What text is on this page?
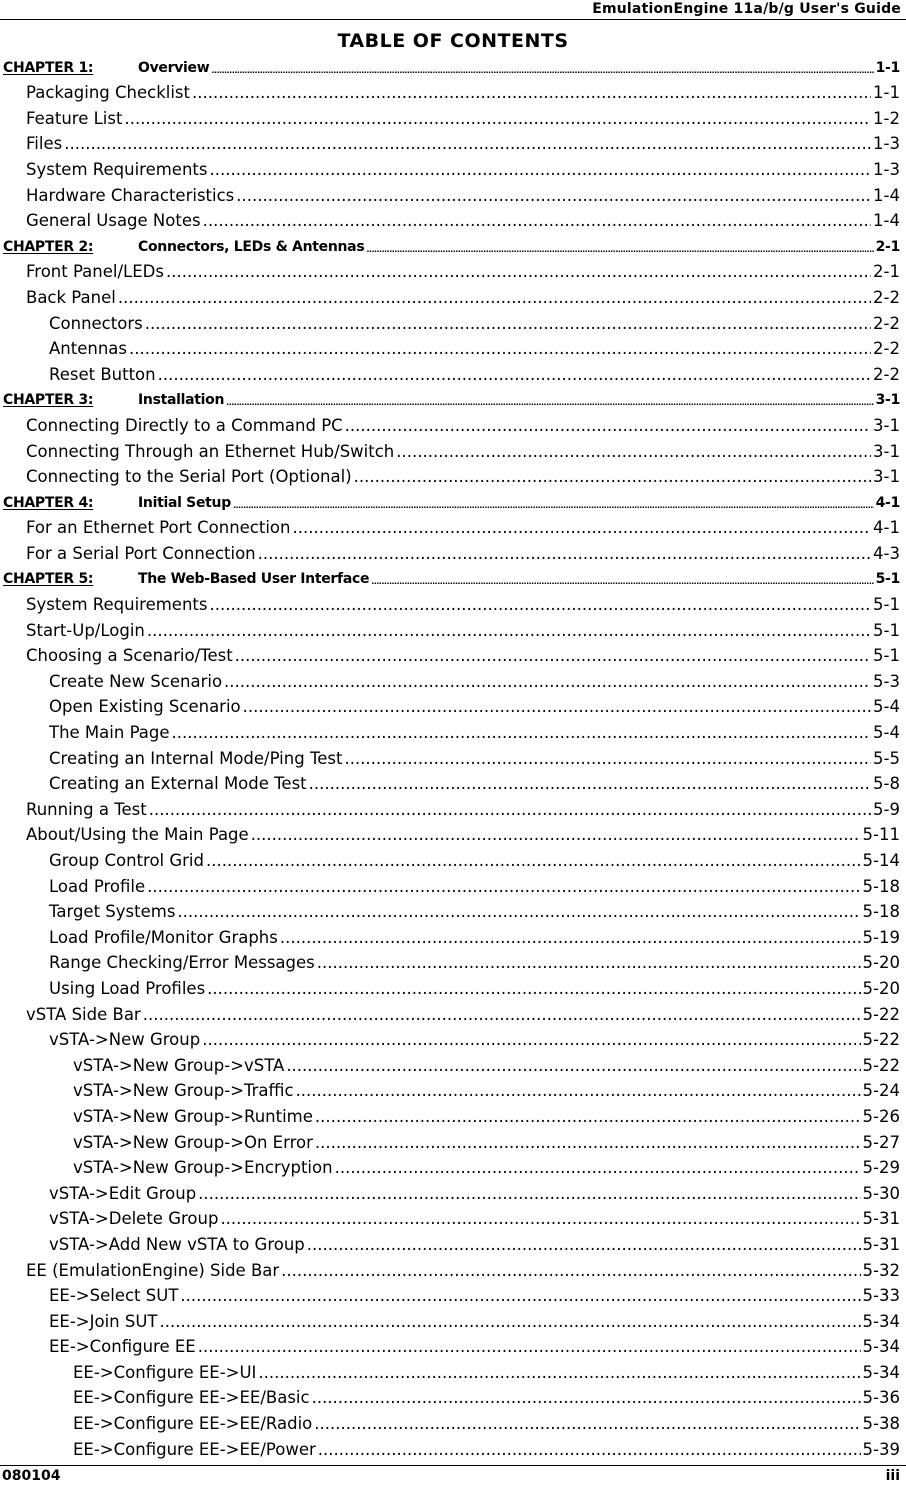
EmulationEngine 11a/b/g User's Guide
TABLE OF CONTENTS
CHAPTER 1:	Overview .....	1-1
Packaging Checklist .....	1-1
Feature List .....	1-2
Files .....	1-3
System Requirements .....	1-3
Hardware Characteristics .....	1-4
General Usage Notes .....	1-4
CHAPTER 2:	Connectors, LEDs & Antennas .....	2-1
Front Panel/LEDs .....	2-1
Back Panel .....	2-2
Connectors .....	2-2
Antennas .....	2-2
Reset Button .....	2-2
CHAPTER 3:	Installation .....	3-1
Connecting Directly to a Command PC .....	3-1
Connecting Through an Ethernet Hub/Switch .....	3-1
Connecting to the Serial Port (Optional) .....	3-1
CHAPTER 4:	Initial Setup .....	4-1
For an Ethernet Port Connection .....	4-1
For a Serial Port Connection .....	4-3
CHAPTER 5:	The Web-Based User Interface .....	5-1
System Requirements .....	5-1
Start-Up/Login .....	5-1
Choosing a Scenario/Test .....	5-1
Create New Scenario .....	5-3
Open Existing Scenario .....	5-4
The Main Page .....	5-4
Creating an Internal Mode/Ping Test .....	5-5
Creating an External Mode Test .....	5-8
Running a Test .....	5-9
About/Using the Main Page .....	5-11
Group Control Grid .....	5-14
Load Profile .....	5-18
Target Systems .....	5-18
Load Profile/Monitor Graphs .....	5-19
Range Checking/Error Messages .....	5-20
Using Load Profiles .....	5-20
vSTA Side Bar .....	5-22
vSTA->New Group .....	5-22
vSTA->New Group->vSTA .....	5-22
vSTA->New Group->Traffic .....	5-24
vSTA->New Group->Runtime .....	5-26
vSTA->New Group->On Error .....	5-27
vSTA->New Group->Encryption .....	5-29
vSTA->Edit Group .....	5-30
vSTA->Delete Group .....	5-31
vSTA->Add New vSTA to Group .....	5-31
EE (EmulationEngine) Side Bar .....	5-32
EE->Select SUT .....	5-33
EE->Join SUT .....	5-34
EE->Configure EE .....	5-34
EE->Configure EE->UI .....	5-34
EE->Configure EE->EE/Basic .....	5-36
EE->Configure EE->EE/Radio .....	5-38
EE->Configure EE->EE/Power .....	5-39
080104	iii
